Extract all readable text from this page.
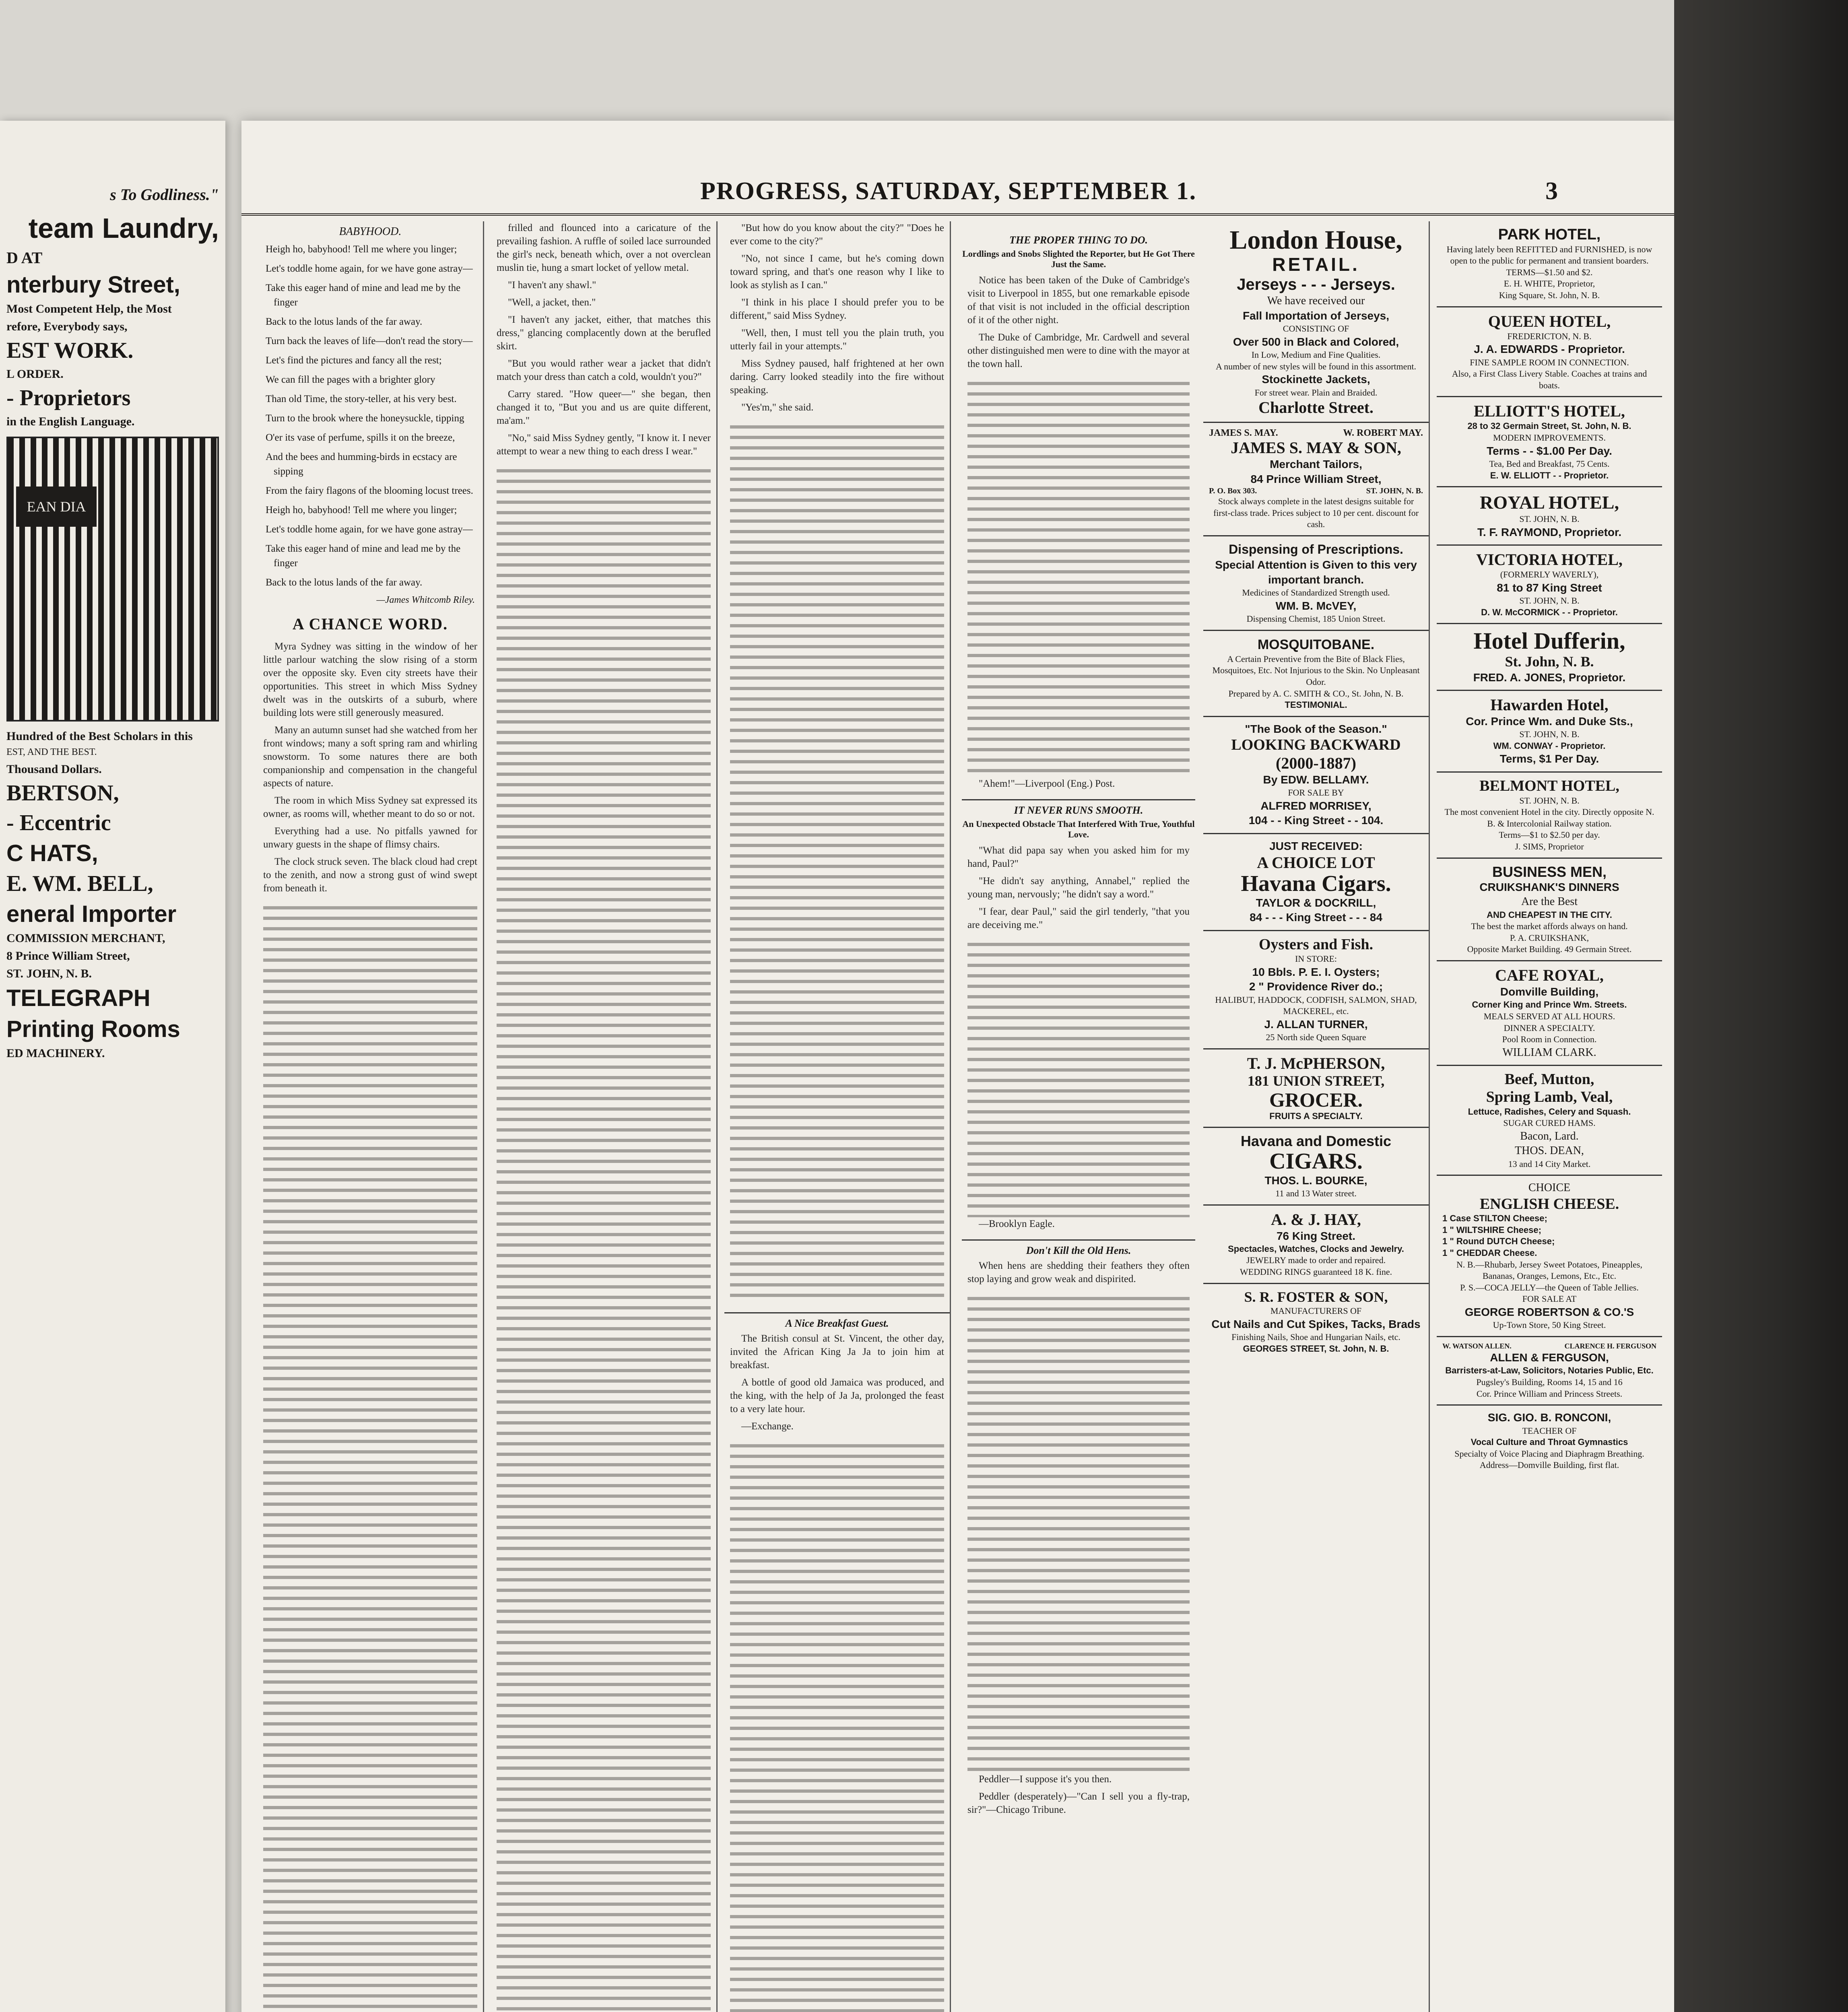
s To Godliness."
team Laundry,
D AT
nterbury Street,
Most Competent Help, the Most
refore, Everybody says,
EST WORK.
L ORDER.
- Proprietors
in the English Language.
EAN DIA
Hundred of the Best Scholars in this
EST, AND THE BEST.
Thousand Dollars.
BERTSON,
- Eccentric
C HATS,
E. WM. BELL,
eneral Importer
COMMISSION MERCHANT,
8 Prince William Street,
ST. JOHN, N. B.
TELEGRAPH
Printing Rooms
ED MACHINERY.
PROGRESS, SATURDAY, SEPTEMBER 1.	3
BABYHOOD.

Heigh ho, babyhood! Tell me where you linger;

Let's toddle home again, for we have gone astray—

Take this eager hand of mine and lead me by the finger

Back to the lotus lands of the far away.

Turn back the leaves of life—don't read the story—

Let's find the pictures and fancy all the rest;

We can fill the pages with a brighter glory

Than old Time, the story-teller, at his very best.

Turn to the brook where the honeysuckle, tipping

O'er its vase of perfume, spills it on the breeze,

And the bees and humming-birds in ecstacy are sipping

From the fairy flagons of the blooming locust trees.

Heigh ho, babyhood! Tell me where you linger;

Let's toddle home again, for we have gone astray—

Take this eager hand of mine and lead me by the finger

Back to the lotus lands of the far away.

—James Whitcomb Riley.
A CHANCE WORD.

Myra Sydney was sitting in the window of her little parlour watching the slow rising of a storm over the opposite sky. Even city streets have their opportunities. This street in which Miss Sydney dwelt was in the outskirts of a suburb, where building lots were still generously measured.

Many an autumn sunset had she watched from her front windows; many a soft spring ram and whirling snowstorm. To some natures there are both companionship and compensation in the changeful aspects of nature.

The room in which Miss Sydney sat expressed its owner, as rooms will, whether meant to do so or not.

Everything had a use. No pitfalls yawned for unwary guests in the shape of flimsy chairs.

The clock struck seven. The black cloud had crept to the zenith, and now a strong gust of wind swept from beneath it.

frilled and flounced into a caricature of the prevailing fashion. A ruffle of soiled lace surrounded the girl's neck, beneath which, over a not overclean muslin tie, hung a smart locket of yellow metal.

"I haven't any shawl."

"Well, a jacket, then."

"I haven't any jacket, either, that matches this dress," glancing complacently down at the berufled skirt.

"But you would rather wear a jacket that didn't match your dress than catch a cold, wouldn't you?"

Carry stared. "How queer—" she began, then changed it to, "But you and us are quite different, ma'am."

"No," said Miss Sydney gently, "I know it. I never attempt to wear a new thing to each dress I wear."

"But how do you know about the city?" "Does he ever come to the city?"

"No, not since I came, but he's coming down toward spring, and that's one reason why I like to look as stylish as I can."

"I think in his place I should prefer you to be different," said Miss Sydney.

"Well, then, I must tell you the plain truth, you utterly fail in your attempts."

Miss Sydney paused, half frightened at her own daring. Carry looked steadily into the fire without speaking.

"Yes'm," she said.

A Nice Breakfast Guest.

The British consul at St. Vincent, the other day, invited the African King Ja Ja to join him at breakfast.

A bottle of good old Jamaica was produced, and the king, with the help of Ja Ja, prolonged the feast to a very late hour.

—Exchange.

THE PROPER THING TO DO.
Lordlings and Snobs Slighted the Reporter, but He Got There Just the Same.

Notice has been taken of the Duke of Cambridge's visit to Liverpool in 1855, but one remarkable episode of that visit is not included in the official description of it of the other night.

The Duke of Cambridge, Mr. Cardwell and several other distinguished men were to dine with the mayor at the town hall.

"Ahem!"—Liverpool (Eng.) Post.

IT NEVER RUNS SMOOTH.
An Unexpected Obstacle That Interfered With True, Youthful Love.

"What did papa say when you asked him for my hand, Paul?"

"He didn't say anything, Annabel," replied the young man, nervously; "he didn't say a word."

"I fear, dear Paul," said the girl tenderly, "that you are deceiving me."

—Brooklyn Eagle.

Don't Kill the Old Hens.

When hens are shedding their feathers they often stop laying and grow weak and dispirited.

Peddler—I suppose it's you then.

Peddler (desperately)—"Can I sell you a fly-trap, sir?"—Chicago Tribune.

London House,
RETAIL.
Jerseys - - - Jerseys.
We have received our
Fall Importation of Jerseys,
CONSISTING OF
Over 500 in Black and Colored,
In Low, Medium and Fine Qualities.
A number of new styles will be found in this assortment.
Stockinette Jackets,
For street wear. Plain and Braided.
Charlotte Street.
JAMES S. MAY.	W. ROBERT MAY.
JAMES S. MAY & SON,
Merchant Tailors,
84 Prince William Street,
P. O. Box 303.	ST. JOHN, N. B.
Stock always complete in the latest designs suitable for first-class trade. Prices subject to 10 per cent. discount for cash.
Dispensing of Prescriptions.
Special Attention is Given to this very important branch.
Medicines of Standardized Strength used.
WM. B. McVEY,
Dispensing Chemist, 185 Union Street.
MOSQUITOBANE.
A Certain Preventive from the Bite of Black Flies, Mosquitoes, Etc. Not Injurious to the Skin. No Unpleasant Odor.
Prepared by A. C. SMITH & CO., St. John, N. B.
TESTIMONIAL.
"The Book of the Season."
LOOKING BACKWARD
(2000-1887)
By EDW. BELLAMY.
FOR SALE BY
ALFRED MORRISEY,
104 - - King Street - - 104.
JUST RECEIVED:
A CHOICE LOT
Havana Cigars.
TAYLOR & DOCKRILL,
84 - - - King Street - - - 84
Oysters and Fish.
IN STORE:
10 Bbls. P. E. I. Oysters;
2 " Providence River do.;
HALIBUT, HADDOCK, CODFISH, SALMON, SHAD, MACKEREL, etc.
J. ALLAN TURNER,
25 North side Queen Square
T. J. McPHERSON,
181 UNION STREET,
GROCER.
FRUITS A SPECIALTY.
Havana and Domestic
CIGARS.
THOS. L. BOURKE,
11 and 13 Water street.
A. & J. HAY,
76 King Street.
Spectacles, Watches, Clocks and Jewelry.
JEWELRY made to order and repaired.
WEDDING RINGS guaranteed 18 K. fine.
S. R. FOSTER & SON,
MANUFACTURERS OF
Cut Nails and Cut Spikes, Tacks, Brads
Finishing Nails, Shoe and Hungarian Nails, etc.
GEORGES STREET, St. John, N. B.
PARK HOTEL,
Having lately been REFITTED and FURNISHED, is now open to the public for permanent and transient boarders.
TERMS—$1.50 and $2.
E. H. WHITE, Proprietor,
King Square, St. John, N. B.
QUEEN HOTEL,
FREDERICTON, N. B.
J. A. EDWARDS - Proprietor.
FINE SAMPLE ROOM IN CONNECTION.
Also, a First Class Livery Stable. Coaches at trains and boats.
ELLIOTT'S HOTEL,
28 to 32 Germain Street, St. John, N. B.
MODERN IMPROVEMENTS.
Terms - - $1.00 Per Day.
Tea, Bed and Breakfast, 75 Cents.
E. W. ELLIOTT - - Proprietor.
ROYAL HOTEL,
ST. JOHN, N. B.
T. F. RAYMOND, Proprietor.
VICTORIA HOTEL,
(FORMERLY WAVERLY),
81 to 87 King Street
ST. JOHN, N. B.
D. W. McCORMICK - - Proprietor.
Hotel Dufferin,
St. John, N. B.
FRED. A. JONES, Proprietor.
Hawarden Hotel,
Cor. Prince Wm. and Duke Sts.,
ST. JOHN, N. B.
WM. CONWAY - Proprietor.
Terms, $1 Per Day.
BELMONT HOTEL,
ST. JOHN, N. B.
The most convenient Hotel in the city. Directly opposite N. B. & Intercolonial Railway station.
Terms—$1 to $2.50 per day.
J. SIMS, Proprietor
BUSINESS MEN,
CRUIKSHANK'S DINNERS
Are the Best
AND CHEAPEST IN THE CITY.
The best the market affords always on hand.
P. A. CRUIKSHANK,
Opposite Market Building. 49 Germain Street.
CAFE ROYAL,
Domville Building,
Corner King and Prince Wm. Streets.
MEALS SERVED AT ALL HOURS.
DINNER A SPECIALTY.
Pool Room in Connection.
WILLIAM CLARK.
Beef, Mutton,
Spring Lamb, Veal,
Lettuce, Radishes, Celery and Squash.
SUGAR CURED HAMS.
Bacon, Lard.
THOS. DEAN,
13 and 14 City Market.
CHOICE
ENGLISH CHEESE.
1 Case STILTON Cheese;
1 " WILTSHIRE Cheese;
1 " Round DUTCH Cheese;
1 " CHEDDAR Cheese.
N. B.—Rhubarb, Jersey Sweet Potatoes, Pineapples, Bananas, Oranges, Lemons, Etc., Etc.
P. S.—COCA JELLY—the Queen of Table Jellies.
FOR SALE AT
GEORGE ROBERTSON & CO.'S
Up-Town Store, 50 King Street.
W. WATSON ALLEN.	CLARENCE H. FERGUSON
ALLEN & FERGUSON,
Barristers-at-Law, Solicitors, Notaries Public, Etc.
Pugsley's Building, Rooms 14, 15 and 16
Cor. Prince William and Princess Streets.
SIG. GIO. B. RONCONI,
TEACHER OF
Vocal Culture and Throat Gymnastics
Specialty of Voice Placing and Diaphragm Breathing.
Address—Domville Building, first flat.
